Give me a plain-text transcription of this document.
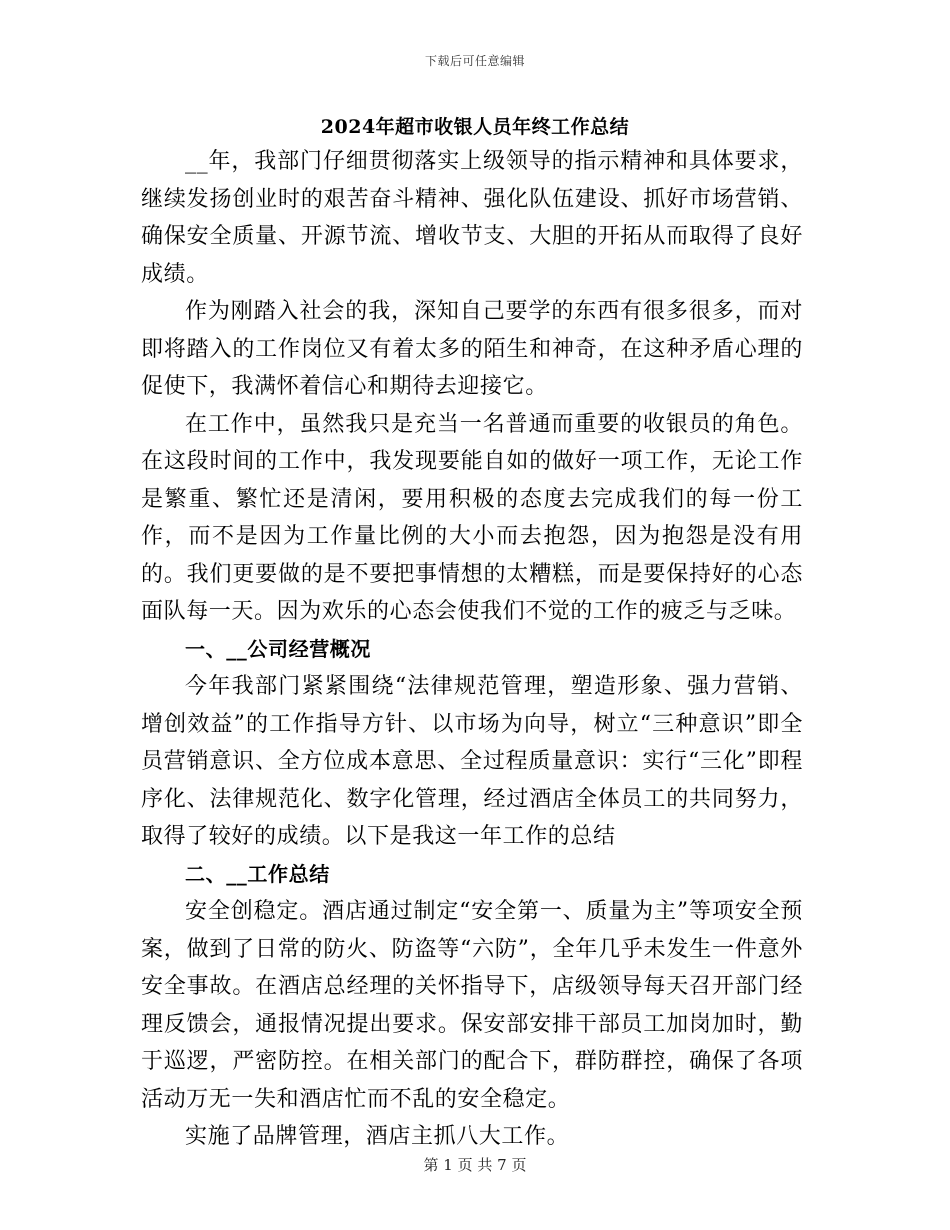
下载后可任意编辑
2024年超市收银人员年终工作总结

__年，我部门仔细贯彻落实上级领导的指示精神和具体要求，继续发扬创业时的艰苦奋斗精神、强化队伍建设、抓好市场营销、确保安全质量、开源节流、增收节支、大胆的开拓从而取得了良好成绩。

作为刚踏入社会的我，深知自己要学的东西有很多很多，而对即将踏入的工作岗位又有着太多的陌生和神奇，在这种矛盾心理的促使下，我满怀着信心和期待去迎接它。

在工作中，虽然我只是充当一名普通而重要的收银员的角色。在这段时间的工作中，我发现要能自如的做好一项工作，无论工作是繁重、繁忙还是清闲，要用积极的态度去完成我们的每一份工作，而不是因为工作量比例的大小而去抱怨，因为抱怨是没有用的。我们更要做的是不要把事情想的太糟糕，而是要保持好的心态面队每一天。因为欢乐的心态会使我们不觉的工作的疲乏与乏味。

一、__公司经营概况

今年我部门紧紧围绕“法律规范管理，塑造形象、强力营销、增创效益”的工作指导方针、以市场为向导，树立“三种意识”即全员营销意识、全方位成本意思、全过程质量意识：实行“三化”即程序化、法律规范化、数字化管理，经过酒店全体员工的共同努力，取得了较好的成绩。以下是我这一年工作的总结

二、__工作总结

安全创稳定。酒店通过制定“安全第一、质量为主”等项安全预案，做到了日常的防火、防盗等“六防”，全年几乎未发生一件意外安全事故。在酒店总经理的关怀指导下，店级领导每天召开部门经理反馈会，通报情况提出要求。保安部安排干部员工加岗加时，勤于巡逻，严密防控。在相关部门的配合下，群防群控，确保了各项活动万无一失和酒店忙而不乱的安全稳定。

实施了品牌管理，酒店主抓八大工作。

第 1 页 共 7 页
